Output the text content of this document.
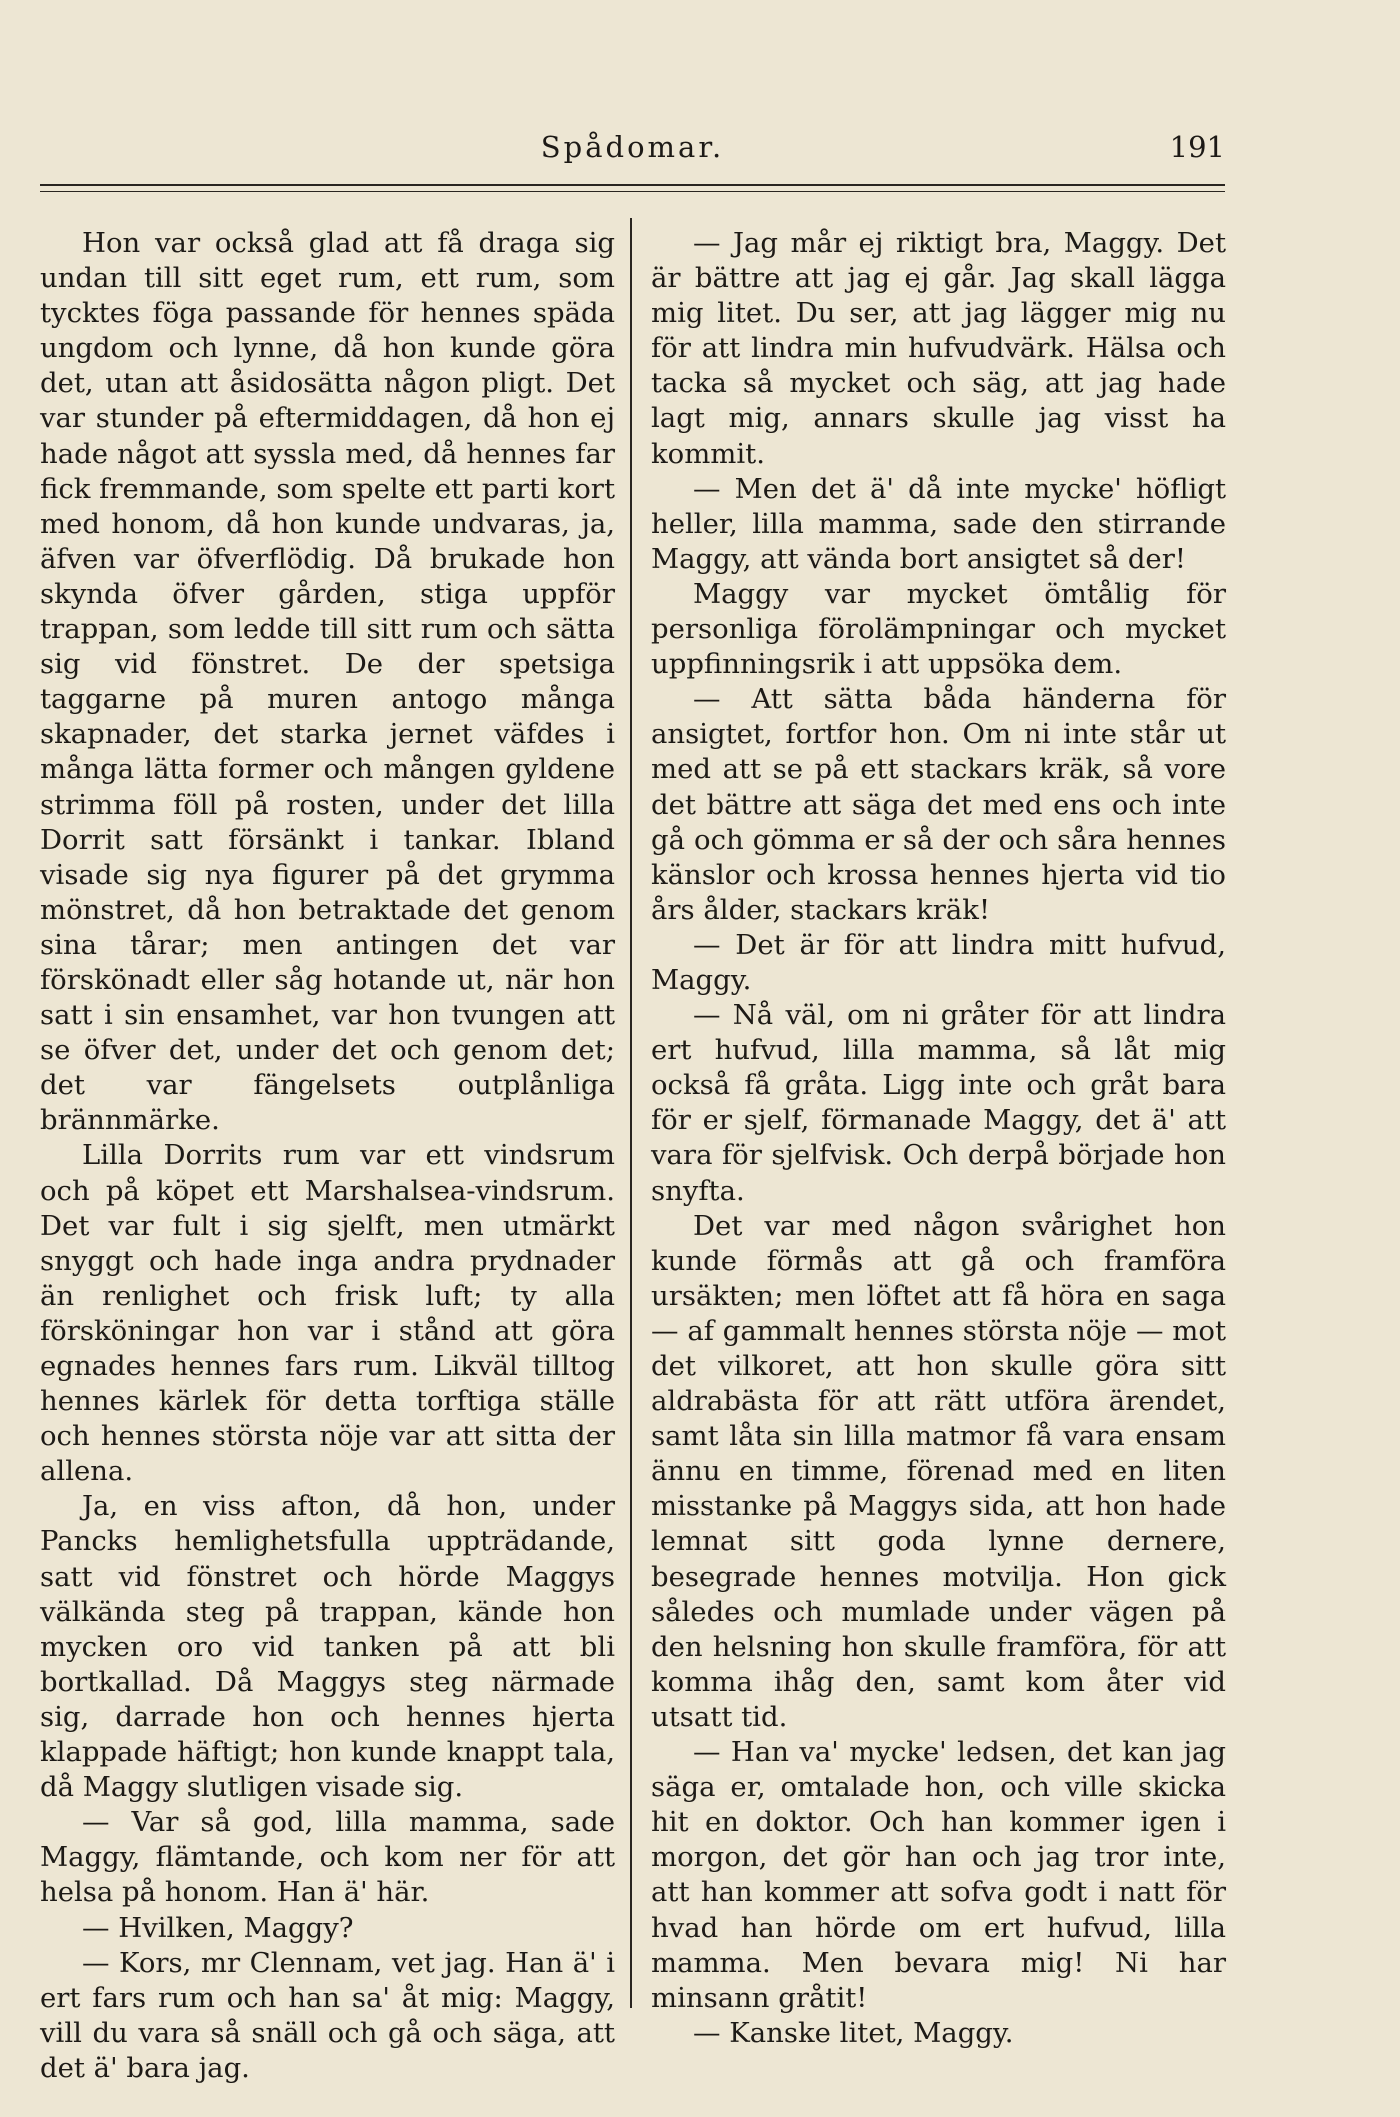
Spådomar.	191

Hon var också glad att få draga sig undan till sitt eget rum, ett rum, som tycktes föga passande för hennes späda ungdom och lynne, då hon kunde göra det, utan att åsidosätta någon pligt. Det var stunder på eftermiddagen, då hon ej hade något att syssla med, då hennes far fick fremmande, som spelte ett parti kort med honom, då hon kunde undvaras, ja, äfven var öfverflödig. Då brukade hon skynda öfver gården, stiga uppför trappan, som ledde till sitt rum och sätta sig vid fönstret. De der spetsiga taggarne på muren antogo många skapnader, det starka jernet väfdes i många lätta former och mången gyldene strimma föll på rosten, under det lilla Dorrit satt försänkt i tankar. Ibland visade sig nya figurer på det grymma mönstret, då hon betraktade det genom sina tårar; men antingen det var förskönadt eller såg hotande ut, när hon satt i sin ensamhet, var hon tvungen att se öfver det, under det och genom det; det var fängelsets outplånliga brännmärke.

Lilla Dorrits rum var ett vindsrum och på köpet ett Marshalsea-vindsrum. Det var fult i sig sjelft, men utmärkt snyggt och hade inga andra prydnader än renlighet och frisk luft; ty alla försköningar hon var i stånd att göra egnades hennes fars rum. Likväl tilltog hennes kärlek för detta torftiga ställe och hennes största nöje var att sitta der allena.

Ja, en viss afton, då hon, under Pancks hemlighetsfulla uppträdande, satt vid fönstret och hörde Maggys välkända steg på trappan, kände hon mycken oro vid tanken på att bli bortkallad. Då Maggys steg närmade sig, darrade hon och hennes hjerta klappade häftigt; hon kunde knappt tala, då Maggy slutligen visade sig.

— Var så god, lilla mamma, sade Maggy, flämtande, och kom ner för att helsa på honom. Han ä' här.

— Hvilken, Maggy?

— Kors, mr Clennam, vet jag. Han ä' i ert fars rum och han sa' åt mig: Maggy, vill du vara så snäll och gå och säga, att det ä' bara jag.

— Jag mår ej riktigt bra, Maggy. Det är bättre att jag ej går. Jag skall lägga mig litet. Du ser, att jag lägger mig nu för att lindra min hufvudvärk. Hälsa och tacka så mycket och säg, att jag hade lagt mig, annars skulle jag visst ha kommit.

— Men det ä' då inte mycke' höfligt heller, lilla mamma, sade den stirrande Maggy, att vända bort ansigtet så der!

Maggy var mycket ömtålig för personliga förolämpningar och mycket uppfinningsrik i att uppsöka dem.

— Att sätta båda händerna för ansigtet, fortfor hon. Om ni inte står ut med att se på ett stackars kräk, så vore det bättre att säga det med ens och inte gå och gömma er så der och såra hennes känslor och krossa hennes hjerta vid tio års ålder, stackars kräk!

— Det är för att lindra mitt hufvud, Maggy.

— Nå väl, om ni gråter för att lindra ert hufvud, lilla mamma, så låt mig också få gråta. Ligg inte och gråt bara för er sjelf, förmanade Maggy, det ä' att vara för sjelfvisk. Och derpå började hon snyfta.

Det var med någon svårighet hon kunde förmås att gå och framföra ursäkten; men löftet att få höra en saga — af gammalt hennes största nöje — mot det vilkoret, att hon skulle göra sitt aldrabästa för att rätt utföra ärendet, samt låta sin lilla matmor få vara ensam ännu en timme, förenad med en liten misstanke på Maggys sida, att hon hade lemnat sitt goda lynne dernere, besegrade hennes motvilja. Hon gick således och mumlade under vägen på den helsning hon skulle framföra, för att komma ihåg den, samt kom åter vid utsatt tid.

— Han va' mycke' ledsen, det kan jag säga er, omtalade hon, och ville skicka hit en doktor. Och han kommer igen i morgon, det gör han och jag tror inte, att han kommer att sofva godt i natt för hvad han hörde om ert hufvud, lilla mamma. Men bevara mig! Ni har minsann gråtit!

— Kanske litet, Maggy.
